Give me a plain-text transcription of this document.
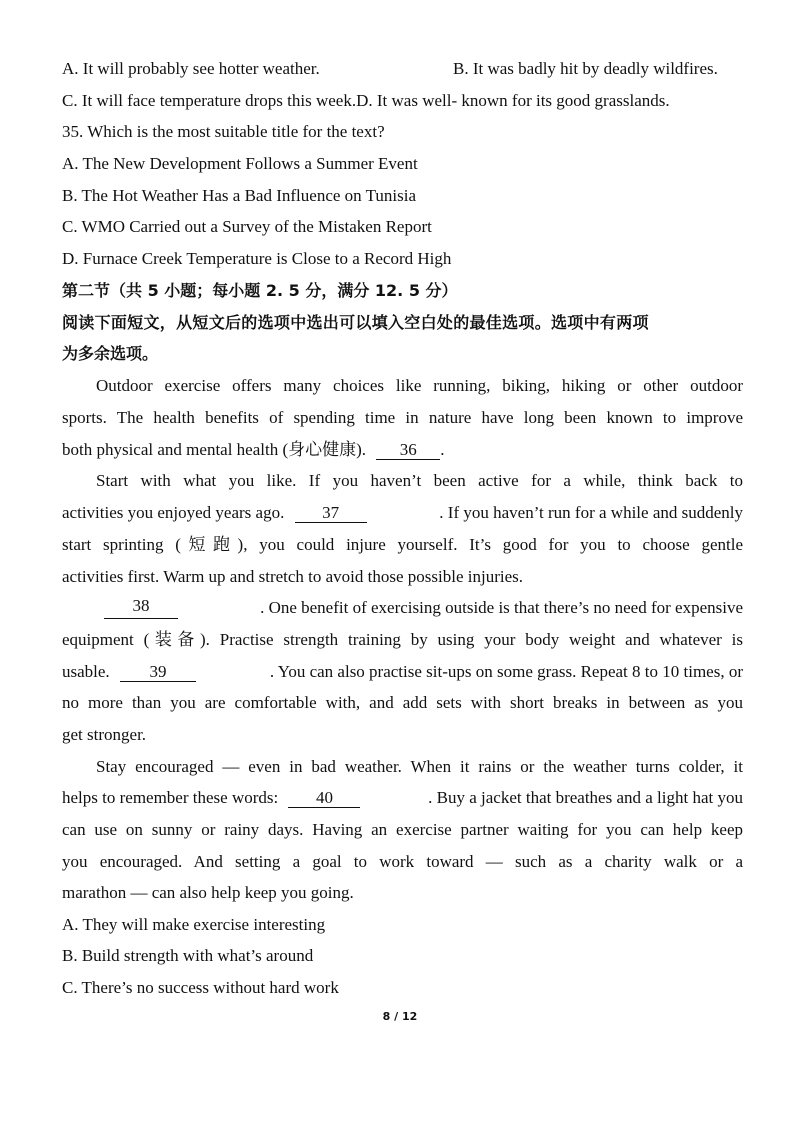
A. It will probably see hotter weather.	B. It was badly hit by deadly wildfires.
C. It will face temperature drops this week.D. It was well- known for its good grasslands.
35. Which is the most suitable title for the text?
A. The New Development Follows a Summer Event
B. The Hot Weather Has a Bad Influence on Tunisia
C. WMO Carried out a Survey of the Mistaken Report
D. Furnace Creek Temperature is Close to a Record High
第二节（共 5 小题；每小题 2. 5 分，满分 12. 5 分）
阅读下面短文，从短文后的选项中选出可以填入空白处的最佳选项。选项中有两项
为多余选项。
Outdoor exercise offers many choices like running, biking, hiking or other outdoor
sports. The health benefits of spending time in nature have long been known to improve
both physical and mental health (身心健康). 36 .
Start with what you like. If you haven’t been active for a while, think back to
activities you enjoyed years ago. 37	. If you haven’t run for a while and suddenly
start sprinting (短跑), you could injure yourself. It’s good for you to choose gentle
activities first. Warm up and stretch to avoid those possible injuries.
38	. One benefit of exercising outside is that there’s no need for expensive
equipment (装备). Practise strength training by using your body weight and whatever is
usable. 39	. You can also practise sit-ups on some grass. Repeat 8 to 10 times, or
no more than you are comfortable with, and add sets with short breaks in between as you
get stronger.
Stay encouraged — even in bad weather. When it rains or the weather turns colder, it
helps to remember these words: 40	. Buy a jacket that breathes and a light hat you
can use on sunny or rainy days. Having an exercise partner waiting for you can help keep
you encouraged. And setting a goal to work toward — such as a charity walk or a
marathon — can also help keep you going.
A. They will make exercise interesting
B. Build strength with what’s around
C. There’s no success without hard work
8 / 12
